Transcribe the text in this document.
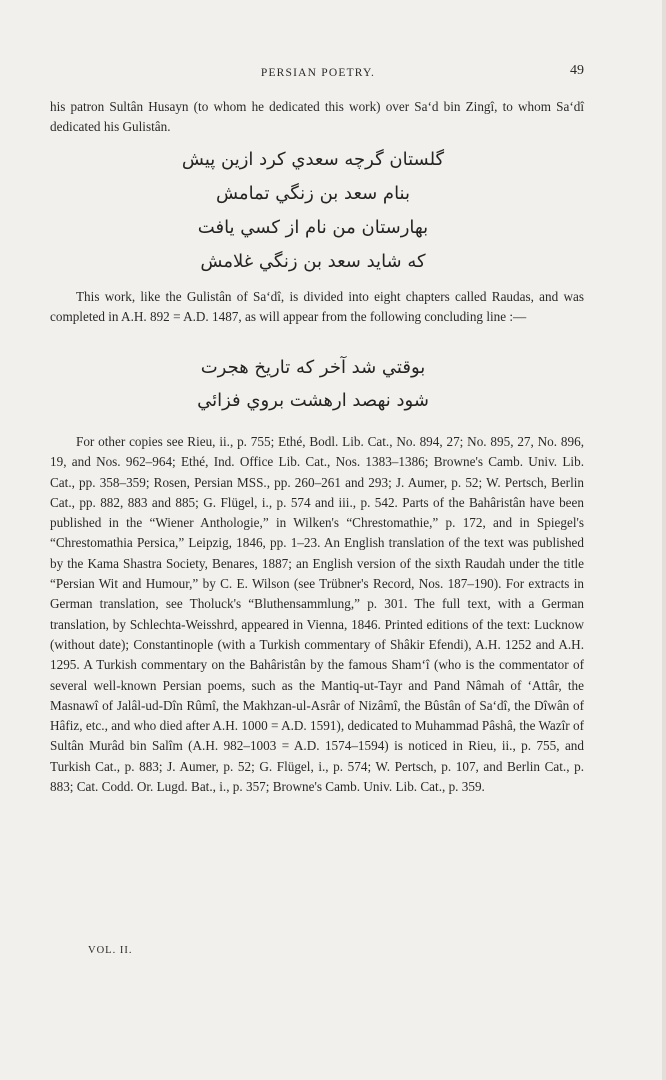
PERSIAN POETRY.	49

his patron Sultân Husayn (to whom he dedicated this work) over Sa‘d bin Zingî, to whom Sa‘dî dedicated his Gulistân.

گلستان گرچه سعدي كرد ازين پيش
بنام سعد بن زنگي تمامش
بهارستان من نام از كسي يافت
كه شايد سعد بن زنگي غلامش

This work, like the Gulistân of Sa‘dî, is divided into eight chapters called Raudas, and was completed in A.H. 892 = A.D. 1487, as will appear from the following concluding line :—

بوقتي شد آخر كه تاريخ هجرت
شود نهصد ارهشت بروي فزائي

For other copies see Rieu, ii., p. 755; Ethé, Bodl. Lib. Cat., No. 894, 27; No. 895, 27, No. 896, 19, and Nos. 962–964; Ethé, Ind. Office Lib. Cat., Nos. 1383–1386; Browne's Camb. Univ. Lib. Cat., pp. 358–359; Rosen, Persian MSS., pp. 260–261 and 293; J. Aumer, p. 52; W. Pertsch, Berlin Cat., pp. 882, 883 and 885; G. Flügel, i., p. 574 and iii., p. 542. Parts of the Bahâristân have been published in the “Wiener Anthologie,” in Wilken's “Chrestomathie,” p. 172, and in Spiegel's “Chrestomathia Persica,” Leipzig, 1846, pp. 1–23. An English translation of the text was published by the Kama Shastra Society, Benares, 1887; an English version of the sixth Raudah under the title “Persian Wit and Humour,” by C. E. Wilson (see Trübner's Record, Nos. 187–190). For extracts in German translation, see Tholuck's “Bluthensammlung,” p. 301. The full text, with a German translation, by Schlechta-Weisshrd, appeared in Vienna, 1846. Printed editions of the text: Lucknow (without date); Constantinople (with a Turkish commentary of Shâkir Efendi), A.H. 1252 and A.H. 1295. A Turkish commentary on the Bahâristân by the famous Sham‘î (who is the commentator of several well-known Persian poems, such as the Mantiq-ut-Tayr and Pand Nâmah of ‘Attâr, the Masnawî of Jalâl-ud-Dîn Rûmî, the Makhzan-ul-Asrâr of Nizâmî, the Bûstân of Sa‘dî, the Dîwân of Hâfiz, etc., and who died after A.H. 1000 = A.D. 1591), dedicated to Muhammad Pâshâ, the Wazîr of Sultân Murâd bin Salîm (A.H. 982–1003 = A.D. 1574–1594) is noticed in Rieu, ii., p. 755, and Turkish Cat., p. 883; J. Aumer, p. 52; G. Flügel, i., p. 574; W. Pertsch, p. 107, and Berlin Cat., p. 883; Cat. Codd. Or. Lugd. Bat., i., p. 357; Browne's Camb. Univ. Lib. Cat., p. 359.

VOL. II.
